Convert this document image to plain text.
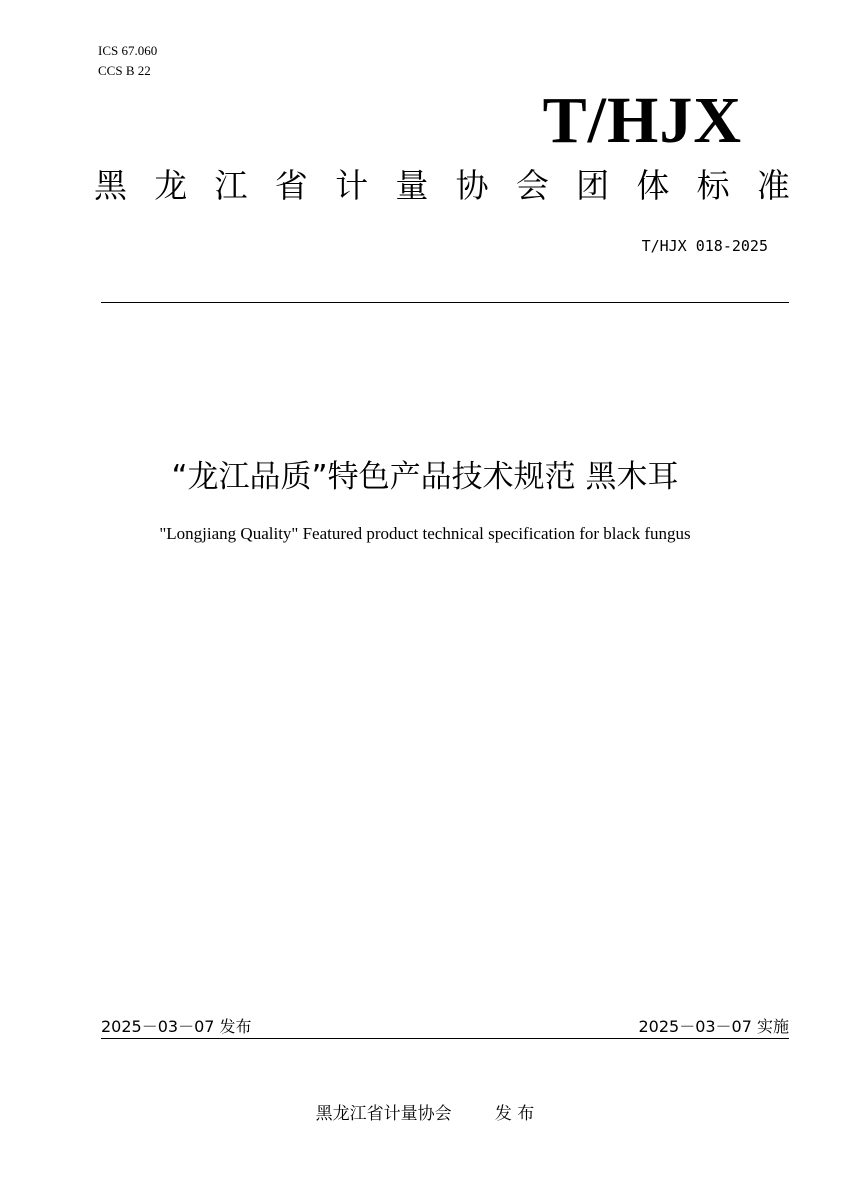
ICS 67.060
CCS B 22
T/HJX
黑 龙 江 省 计 量 协 会 团 体 标 准
T/HJX 018-2025
“龙江品质”特色产品技术规范 黑木耳
"Longjiang Quality" Featured product technical specification for black fungus
2025－03－07 发布	2025－03－07 实施
黑龙江省计量协会	发 布
